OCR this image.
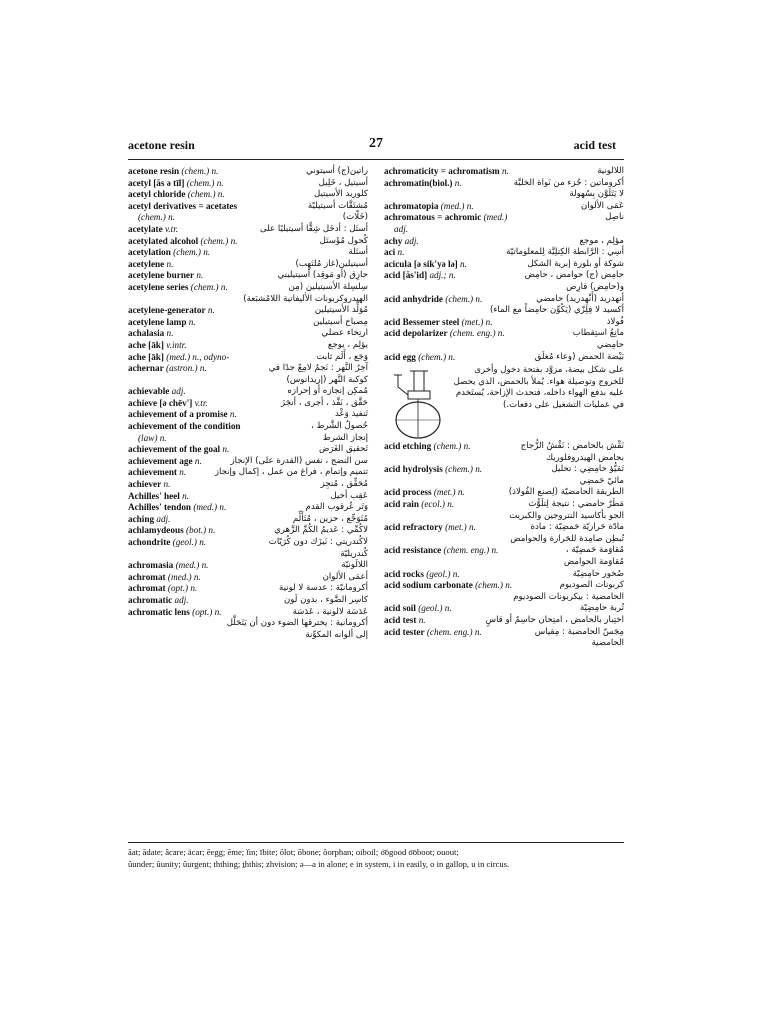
acetone resin	27	acid test
acetone resin (chem.) n.	راتين(ج) أسيتوني
acetyl [ăs ə tīl] (chem.) n.	أسيتيل ، خَلِيل
acetyl chloride (chem.) n.	كلوريد الأسيتيل
acetyl derivatives = acetates	مُشتَقَّات أسيتيليّة
(chem.) n.	(خَلّات)
acetylate v.tr.	أستَل : أدخَل شِقًّا أسيتيليًا على
acetylated alcohol (chem.) n.	كُحول مُؤَستَل
acetylation (chem.) n.	أستَلة
acetylene n.	أسيتيلين(غاز مُلتَهِب)
acetylene burner n.	حارِق (أو مَوقِد) أسيتيليني
acetylene series (chem.) n.	سِلسِلة الأسيتيلين (مِن
الهيدروكربونات الأليفاتية اللامُشبَعة)
acetylene-generator n.	مُوَلِّد الأسيتيلين
acetylene lamp n.	مِصباح أسيتيلين
achalasia n.	ارتِخاء عضلي
ache [āk] v.intr.	يؤلِم ، يوجع
ache [āk] (med.) n., odyno-	وَجَع ، أَلَم ثابت
achernar (astron.) n.	آخِرُ النَّهر : نَجمٌ لامِعٌ جدًا في
كوكبة النَّهر (إريدانوس)
achievable adj.	مُمكِن إنجازه أو إحرازه
achieve [ə chēv'] v.tr.	حَقَّق ، نَفَّذ ، أجرى ، أنجَزَ
achievement of a promise n.	تَنفيذ وَعْد
achievement of the condition	حُصولُ الشَّرط ،
(law) n.	إنجاز الشرط
achievement of the goal n.	تَحقيق الغَرَض
achievement age n.	سن النضج ، نفس (القدرة على) الإنجاز
achievement n.	تتميم وإتمام ، فراغ من عمل ، إكمال وإنجاز
achiever n.	مُحَقِّق ، مُنجِز
Achilles' heel n.	عَقِب أخيل
Achilles' tendon (med.) n.	وَتَر عُرقوب القدم
aching adj.	مُتَوَجِّع ، حزين ، مُتَأَلِّم
achlamydeous (bot.) n.	لاكُمِّي : عَديمُ الكُمِّ الزَّهري
achondrite (geol.) n.	لاكُندريتي : نَيزَك دون كُرَيّات
كُندريليّة
achromasia (med.) n.	اللالَونيّة
achromat (med.) n.	أعمَى الألوان
achromat (opt.) n.	أكرومانيّة : عدسة لا لونية
achromatic adj.	كاسِر الضَّوء ، بدون لَون
achromatic lens (opt.) n.	عَدَسَة لالونية ، عَدَسَة
أكرومانية : يخترقها الضوء دون أن يَتَحَلَّل
إلى ألوانه المكوِّنة
achromaticity = achromatism n.	اللالونية
achromatin(biol.) n.	أكروماتين : جُزء من نَواة الخليَّة
لا يَتَلَوَّن بِسُهولة
achromatopia (med.) n.	عَمَى الألوان
achromatous = achromic (med.)	ناصِل
adj.
achy adj.	مؤلِم ، موجع
aci n.	أسِي : الرَّابطة الكِتلِيَّة لِلمعلوماتيّة
acicula [ə sik'yə lə] n.	شوكة أو بلورة إبرية الشكل
acid [ăs'id] adj.; n.	حامِض (ج) حوامض ، حامِض
و(حامِض) قارِص
acid anhydride (chem.) n.	أنهدريد (أَنْهِدريد) حامضي
أكسيد لا فِلِزّي (يَكُوِّن حامِضاً مع الماء)
acid Bessemer steel (met.) n.	فُولاذ
acid depolarizer (chem. eng.) n.	مانِعُ استِقطاب
حامِضي
acid egg (chem.) n.	بَيْضة الحمض (وعاء مُغلَق
على شكل بيضة، مزوَّد بفتحة دخول وأخرى للخروج وتوصيلة هواء. يُملأ بالحمض، الذي يحصل عليه بدفع الهواء داخله، فتحدث الإزاحة، يُستَخدم في عمليات التشغيل على دفعات.)
acid etching (chem.) n.	نَقْش بالحامض : نَقْشُ الزُّجاج
بحامض الهيدروفلوريك
acid hydrolysis (chem.) n.	تَمَيُّؤ حامِضِي : تحليل
مائيّ حَمضِي
acid process (met.) n.	الطريقة الحامضيّة (لِصنع الفُولاذ)
acid rain (ecol.) n.	مَطَرٌ حامضي : نتيجة لِتلَوُّث
الجو بأكاسيد النتروجين والكبريت
acid refractory (met.) n.	مادّة حَراريّة حَمضِيّة : مادة
تُبطِن صامِدة للحَرارة والحوامض
acid resistance (chem. eng.) n.	مُقاوَمة حَمضِيّة ،
مُقاوَمة الحوامض
acid rocks (geol.) n.	صُخور حامِضِيّة
acid sodium carbonate (chem.) n.	كربونات الصوديوم
الحامضية : بيكربونات الصوديوم
acid soil (geol.) n.	تُربة حامِضِيّة
acid test n.	اختِبار بالحامض ، امتِحان حاسِمٌ أو قاسٍ
acid tester (chem. eng.) n.	مِجَسّ الحامضية : مِقياس
الحامضية
ăat; ādate; âcare; äcar; ĕegg; ēme; ĭin; ībite; ŏlot; ōbone; ôorphan; oiboil; o͝ogood o͞oboot; ouout;
ŭunder; ūunity; ûurgent; ththing; ṯhthis; zhvision; ə—a in alone; e in system, i in easily, o in gallop, u in circus.
